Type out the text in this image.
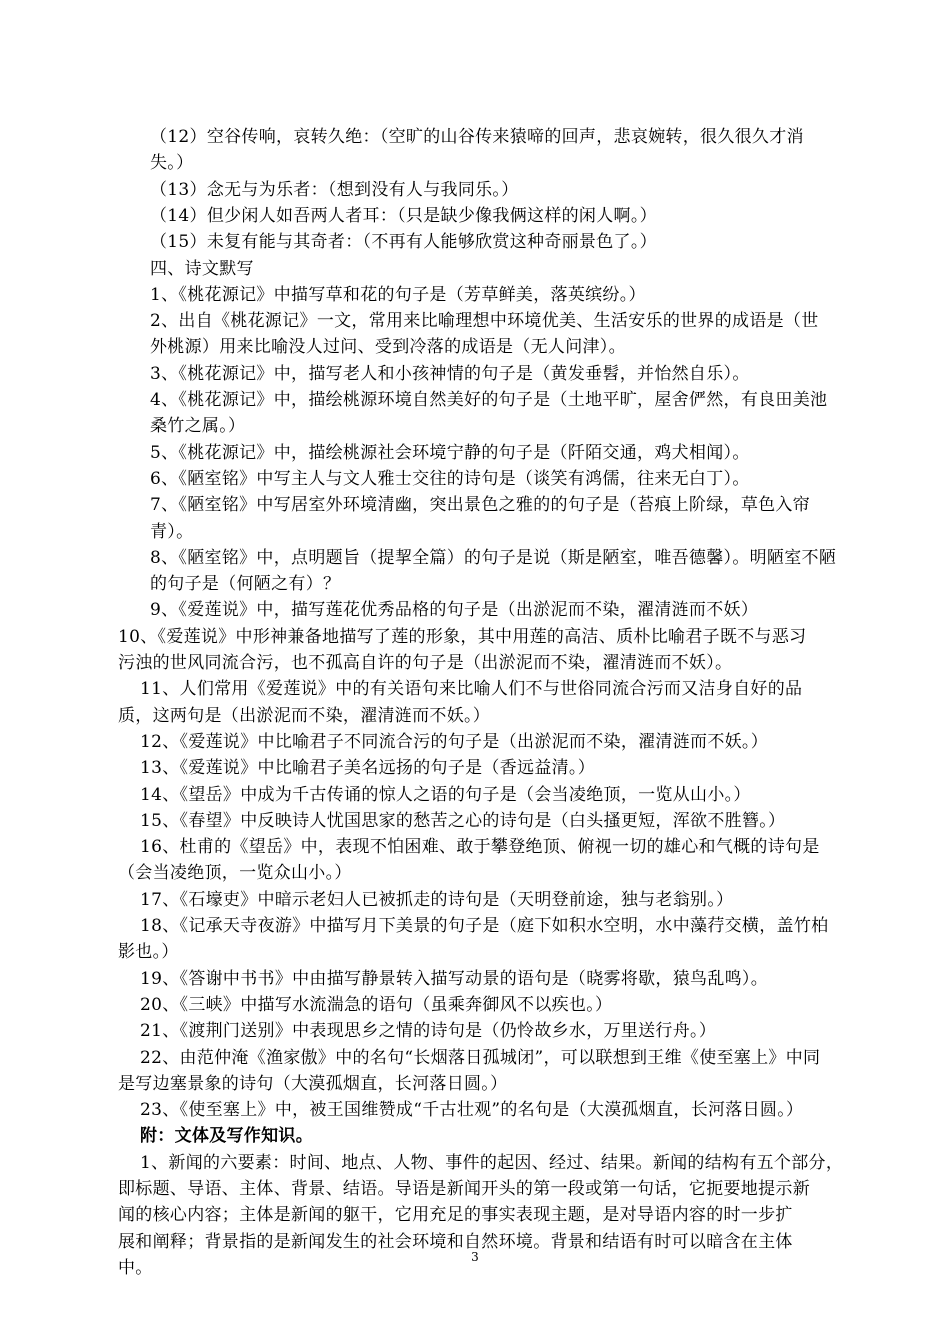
（12）空谷传响，哀转久绝：（空旷的山谷传来猿啼的回声，悲哀婉转，很久很久才消
失。）
（13）念无与为乐者：（想到没有人与我同乐。）
（14）但少闲人如吾两人者耳：（只是缺少像我俩这样的闲人啊。）
（15）未复有能与其奇者：（不再有人能够欣赏这种奇丽景色了。）
四、诗文默写
1、《桃花源记》中描写草和花的句子是（芳草鲜美，落英缤纷。）
2、出自《桃花源记》一文，常用来比喻理想中环境优美、生活安乐的世界的成语是（世
外桃源）用来比喻没人过问、受到冷落的成语是（无人问津）。
3、《桃花源记》中，描写老人和小孩神情的句子是（黄发垂髫，并怡然自乐）。
4、《桃花源记》中，描绘桃源环境自然美好的句子是（土地平旷，屋舍俨然，有良田美池
桑竹之属。）
5、《桃花源记》中，描绘桃源社会环境宁静的句子是（阡陌交通，鸡犬相闻）。
6、《陋室铭》中写主人与文人雅士交往的诗句是（谈笑有鸿儒，往来无白丁）。
7、《陋室铭》中写居室外环境清幽，突出景色之雅的的句子是（苔痕上阶绿，草色入帘
青）。
8、《陋室铭》中，点明题旨（提挈全篇）的句子是说（斯是陋室，唯吾德馨）。明陋室不陋
的句子是（何陋之有）？
9、《爱莲说》中，描写莲花优秀品格的句子是（出淤泥而不染，濯清涟而不妖）
10、《爱莲说》中形神兼备地描写了莲的形象，其中用莲的高洁、质朴比喻君子既不与恶习
污浊的世风同流合污，也不孤高自许的句子是（出淤泥而不染，濯清涟而不妖）。
11、人们常用《爱莲说》中的有关语句来比喻人们不与世俗同流合污而又洁身自好的品
质，这两句是（出淤泥而不染，濯清涟而不妖。）
12、《爱莲说》中比喻君子不同流合污的句子是（出淤泥而不染，濯清涟而不妖。）
13、《爱莲说》中比喻君子美名远扬的句子是（香远益清。）
14、《望岳》中成为千古传诵的惊人之语的句子是（会当凌绝顶，一览从山小。）
15、《春望》中反映诗人忧国思家的愁苦之心的诗句是（白头搔更短，浑欲不胜簪。）
16、杜甫的《望岳》中，表现不怕困难、敢于攀登绝顶、俯视一切的雄心和气概的诗句是
（会当凌绝顶，一览众山小。）
17、《石壕吏》中暗示老妇人已被抓走的诗句是（天明登前途，独与老翁别。）
18、《记承天寺夜游》中描写月下美景的句子是（庭下如积水空明，水中藻荇交横，盖竹柏
影也。）
19、《答谢中书书》中由描写静景转入描写动景的语句是（晓雾将歇，猿鸟乱鸣）。
20、《三峡》中描写水流湍急的语句（虽乘奔御风不以疾也。）
21、《渡荆门送别》中表现思乡之情的诗句是（仍怜故乡水，万里送行舟。）
22、由范仲淹《渔家傲》中的名句“长烟落日孤城闭”，可以联想到王维《使至塞上》中同
是写边塞景象的诗句（大漠孤烟直，长河落日圆。）
23、《使至塞上》中，被王国维赞成“千古壮观”的名句是（大漠孤烟直，长河落日圆。）
附：文体及写作知识。
1、新闻的六要素：时间、地点、人物、事件的起因、经过、结果。新闻的结构有五个部分，
即标题、导语、主体、背景、结语。导语是新闻开头的第一段或第一句话，它扼要地提示新
闻的核心内容；主体是新闻的躯干，它用充足的事实表现主题，是对导语内容的时一步扩
展和阐释；背景指的是新闻发生的社会环境和自然环境。背景和结语有时可以暗含在主体
中。
3
